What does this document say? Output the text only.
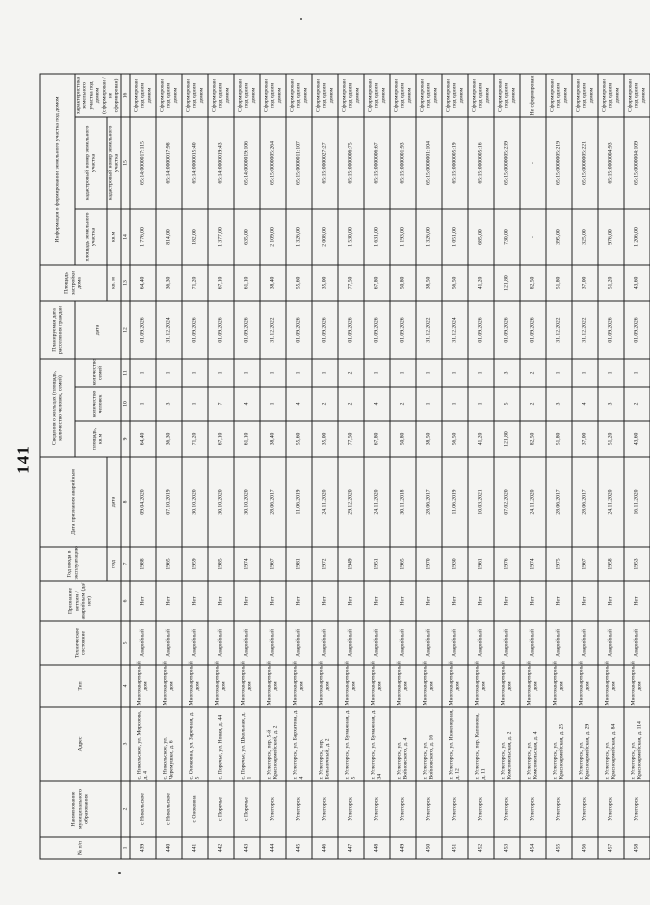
141
№ п/п	Наименование муниципального образования	Адрес	Тип	Техническое состояние	Признание ветхим / аварийным (да/нет)	Год ввода в эксплуатацию	Дата признания аварийным	Сведения о жильцах (площадь, количество человек, семей)			Планируемая дата расселения граждан	Площадь застройки дома	Информация о формировании земельного участка под домом		
								площадь, кв.м	количество человек	количество семей	дата		площадь земельного участка	кадастровый номер земельного участка	характеристика земельного участка под домом (сформирован / не сформирован)
						год	дата					кв. м	кв.м	кадастровый номер земельного участка	
1	2	3	4	5	6	7	8	9	10	11	12	13	14	15	16
439	с Никольское	с. Никольское, ул. Морозова, д. 4	Многоквартирный дом	Аварийный	Нет	1988	09.04.2020	64,40	1	1	01.09.2026	64,40	1 776,00	65:14:0000017:115	Сформирован под одним домом
440	с Никольское	с. Никольское, ул. Черемушки, д. 6	Многоквартирный дом	Аварийный	Нет	1965	07.10.2019	36,30	3	1	31.12.2024	36,30	814,00	65:14:0000017:98	Сформирован под одним домом
441	с Оноковна	с. Оноковна, ул. Заречная, д. 5	Многоквартирный дом	Аварийный	Нет	1959	30.10.2020	71,20	1	1	01.09.2026	71,20	182,00	65:14:0000015:40	Сформирован под одним домом
442	с Поречье	с. Поречье, ул. Новая, д. 44	Многоквартирный дом	Аварийный	Нет	1985	30.10.2020	67,10	7	1	01.09.2026	67,10	1 377,00	65:14:0000019:43	Сформирован под одним домом
443	с Поречье	с. Поречье, ул. Школьная, д. 1	Многоквартирный дом	Аварийный	Нет	1974	30.10.2020	61,10	4	1	01.09.2026	61,10	635,00	65:14:0000019:106	Сформирован под одним домом
444	Углегорск	г. Углегорск, пер. 5-й Красноармейский, д. 2	Многоквартирный дом	Аварийный	Нет	1967	28.06.2017	38,40	1	1	31.12.2022	38,40	2 109,00	65:15:0000005:264	Сформирован под одним домом
445	Углегорск	г. Углегорск, ул. Бархатова, д. 4	Многоквартирный дом	Аварийный	Нет	1981	11.06.2019	55,60	4	1	01.09.2026	55,60	1 326,00	65:15:0000011:107	Сформирован под одним домом
446	Углегорск	г. Углегорск, пер. Больничный, д. 2	Многоквартирный дом	Аварийный	Нет	1972	24.11.2020	35,00	2	1	01.09.2026	35,00	2 008,00	65:15:0000027:27	Сформирован под одним домом
447	Углегорск	г. Углегорск, ул. Бумажная, д. 5	Многоквартирный дом	Аварийный	Нет	1949	29.12.2020	77,50	2	2	01.09.2026	77,50	1 530,00	65:15:0000006:75	Сформирован под одним домом
448	Углегорск	г. Углегорск, ул. Бумажная, д. 34	Многоквартирный дом	Аварийный	Нет	1951	24.11.2020	67,80	4	1	01.09.2026	67,80	1 631,00	65:15:0000006:67	Сформирован под одним домом
449	Углегорск	г. Углегорск, ул. Войновского, д. 4	Многоквартирный дом	Аварийный	Нет	1965	30.11.2018	50,80	2	1	01.09.2026	50,80	1 193,00	65:15:0000001:93	Сформирован под одним домом
450	Углегорск	г. Углегорск, ул. Войновского, д. 16	Многоквартирный дом	Аварийный	Нет	1970	28.06.2017	38,50	1	1	31.12.2022	38,50	1 326,00	65:15:0000001:104	Сформирован под одним домом
451	Углегорск	г. Углегорск, ул. Инженерная, д. 12	Многоквартирный дом	Аварийный	Нет	1930	11.06.2019	56,50	1	1	31.12.2024	56,50	1 051,00	65:15:0000005:19	Сформирован под одним домом
452	Углегорск	г. Углегорск, пер. Капонова, д. 11	Многоквартирный дом	Аварийный	Нет	1961	10.03.2021	41,20	1	1	01.09.2026	41,20	685,00	65:15:0000005:16	Сформирован под одним домом
453	Углегорск	г. Углегорск, ул. Комсомольская, д. 2	Многоквартирный дом	Аварийный	Нет	1976	07.02.2020	121,80	5	3	01.09.2026	121,80	730,00	65:15:0000005:239	Сформирован под одним домом
454	Углегорск	г. Углегорск, ул. Комсомольская, д. 4	Многоквартирный дом	Аварийный	Нет	1974	24.11.2020	82,50	2	2	01.09.2026	82,50	-	-	Не сформирован
455	Углегорск	г. Углегорск, ул. Красноармейская, д. 25	Многоквартирный дом	Аварийный	Нет	1975	28.06.2017	51,80	3	1	31.12.2022	51,80	395,00	65:15:0000005:219	Сформирован под одним домом
456	Углегорск	г. Углегорск, ул. Красноармейская, д. 29	Многоквартирный дом	Аварийный	Нет	1967	28.06.2017	37,00	4	1	31.12.2022	37,00	325,00	65:15:0000005:221	Сформирован под одним домом
457	Углегорск	г. Углегорск, ул. Красноармейская, д. 84	Многоквартирный дом	Аварийный	Нет	1958	24.11.2020	51,20	3	1	01.09.2026	51,20	976,00	65:15:0000004:93	Сформирован под одним домом
458	Углегорск	г. Углегорск, ул. Красноармейская, д. 114	Многоквартирный дом	Аварийный	Нет	1953	16.11.2020	43,60	2	1	01.09.2026	43,60	1 206,00	65:15:0000004:109	Сформирован под одним домом
